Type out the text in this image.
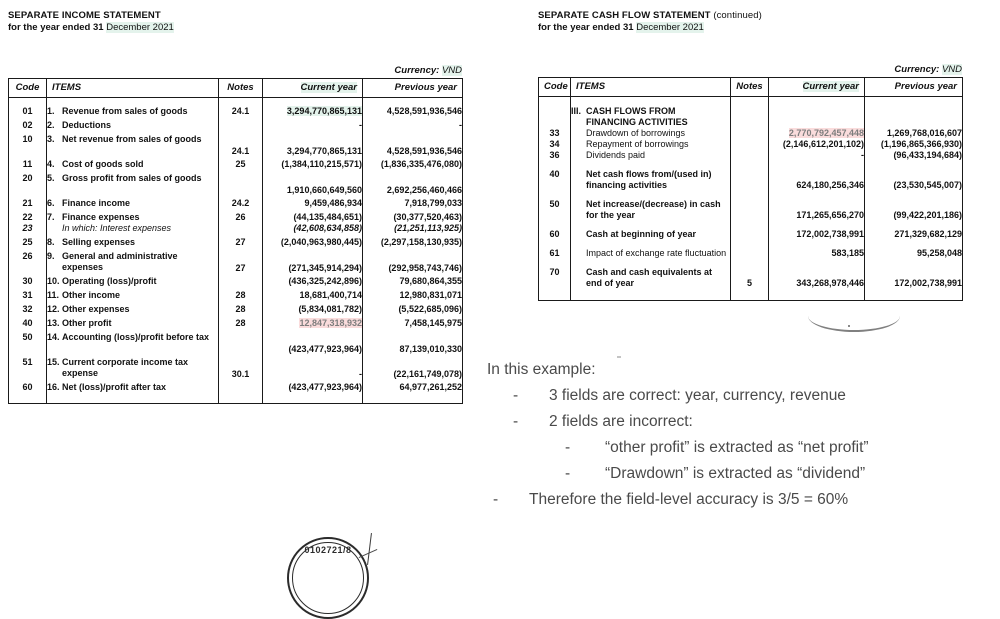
SEPARATE INCOME STATEMENT
for the year ended 31 December 2021
Currency: VND
Code	ITEMS	Notes	Current year	Previous year
01	1. Revenue from sales of goods	24.1	3,294,770,865,131	4,528,591,936,546
02	2. Deductions		-	-
10	3. Net revenue from sales of goods	24.1	3,294,770,865,131	4,528,591,936,546
11	4. Cost of goods sold	25	(1,384,110,215,571)	(1,836,335,476,080)
20	5. Gross profit from sales of goods		1,910,660,649,560	2,692,256,460,466
21	6. Finance income	24.2	9,459,486,934	7,918,799,033
22	7. Finance expenses	26	(44,135,484,651)	(30,377,520,463)
23	In which: Interest expenses		(42,608,634,858)	(21,251,113,925)
25	8. Selling expenses	27	(2,040,963,980,445)	(2,297,158,130,935)
26	9. General and administrative expenses	27	(271,345,914,294)	(292,958,743,746)
30	10. Operating (loss)/profit		(436,325,242,896)	79,680,864,355
31	11. Other income	28	18,681,400,714	12,980,831,071
32	12. Other expenses	28	(5,834,081,782)	(5,522,685,096)
40	13. Other profit	28	12,847,318,932	7,458,145,975
50	14. Accounting (loss)/profit before tax		(423,477,923,964)	87,139,010,330
51	15. Current corporate income tax expense	30.1	-	(22,161,749,078)
60	16. Net (loss)/profit after tax		(423,477,923,964)	64,977,261,252
SEPARATE CASH FLOW STATEMENT (continued)
for the year ended 31 December 2021
Currency: VND
Code	ITEMS	Notes	Current year	Previous year

	III. CASH FLOWS FROM
FINANCING ACTIVITIES			

33	Drawdown of borrowings		2,770,792,457,448	1,269,768,016,607
34	Repayment of borrowings		(2,146,612,201,102)	(1,196,865,366,930)
36	Dividends paid		-	(96,433,194,684)
40	Net cash flows from/(used in) financing activities		624,180,256,346	(23,530,545,007)
50	Net increase/(decrease) in cash for the year		171,265,656,270	(99,422,201,186)
60	Cash at beginning of year		172,002,738,991	271,329,682,129
61	Impact of exchange rate fluctuation		583,185	95,258,048
70	Cash and cash equivalents at end of year	5	343,268,978,446	172,002,738,991
In this example:
-	3 fields are correct: year, currency, revenue
-	2 fields are incorrect:
-	“other profit” is extracted as “net profit”
-	“Drawdown” is extracted as “dividend”
-	Therefore the field-level accuracy is 3/5 = 60%
0102721/8
